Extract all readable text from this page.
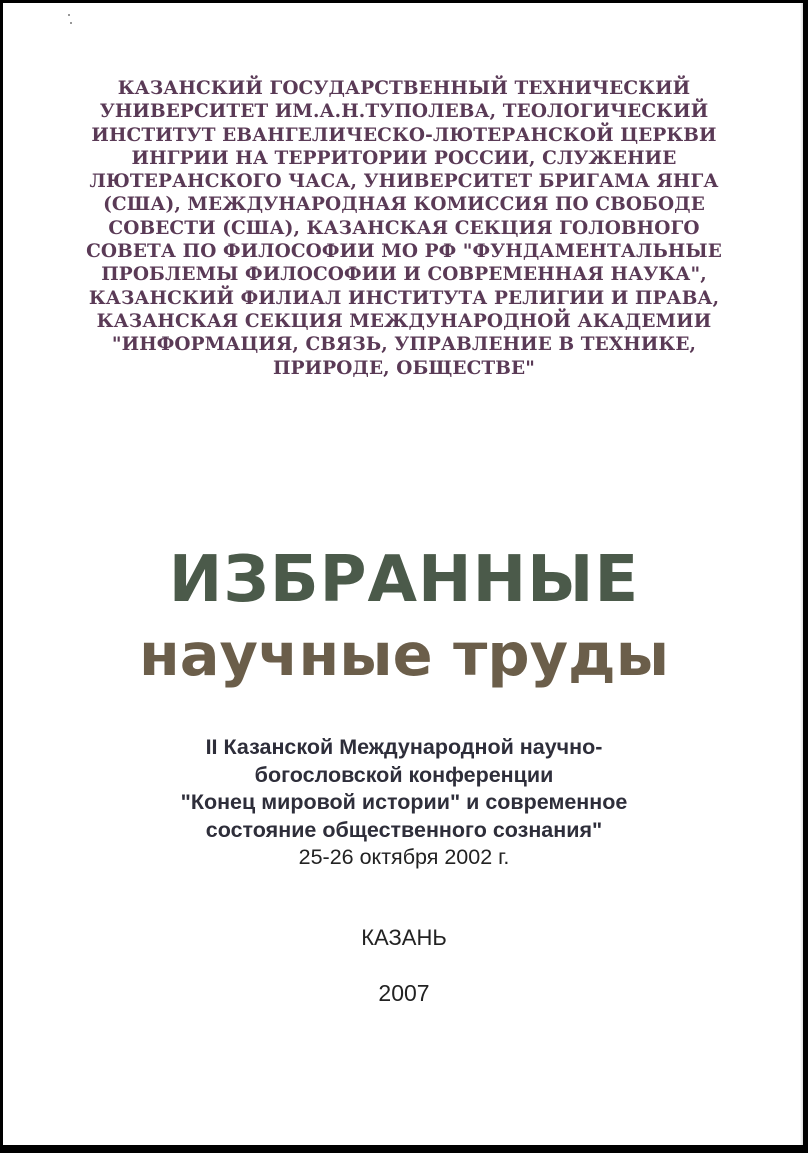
КАЗАНСКИЙ ГОСУДАРСТВЕННЫЙ ТЕХНИЧЕСКИЙ
УНИВЕРСИТЕТ ИМ.А.Н.ТУПОЛЕВА, ТЕОЛОГИЧЕСКИЙ
ИНСТИТУТ ЕВАНГЕЛИЧЕСКО-ЛЮТЕРАНСКОЙ ЦЕРКВИ
ИНГРИИ НА ТЕРРИТОРИИ РОССИИ, СЛУЖЕНИЕ
ЛЮТЕРАНСКОГО ЧАСА, УНИВЕРСИТЕТ БРИГАМА ЯНГА
(США), МЕЖДУНАРОДНАЯ КОМИССИЯ ПО СВОБОДЕ
СОВЕСТИ (США), КАЗАНСКАЯ СЕКЦИЯ ГОЛОВНОГО
СОВЕТА ПО ФИЛОСОФИИ МО РФ "ФУНДАМЕНТАЛЬНЫЕ
ПРОБЛЕМЫ ФИЛОСОФИИ И СОВРЕМЕННАЯ НАУКА",
КАЗАНСКИЙ ФИЛИАЛ ИНСТИТУТА РЕЛИГИИ И ПРАВА,
КАЗАНСКАЯ СЕКЦИЯ МЕЖДУНАРОДНОЙ АКАДЕМИИ
"ИНФОРМАЦИЯ, СВЯЗЬ, УПРАВЛЕНИЕ В ТЕХНИКЕ,
ПРИРОДЕ, ОБЩЕСТВЕ"
ИЗБРАННЫЕ
научные труды
II Казанской Международной научно-
богословской конференции
"Конец мировой истории" и современное
состояние общественного сознания"
25-26 октября 2002 г.
КАЗАНЬ
2007
